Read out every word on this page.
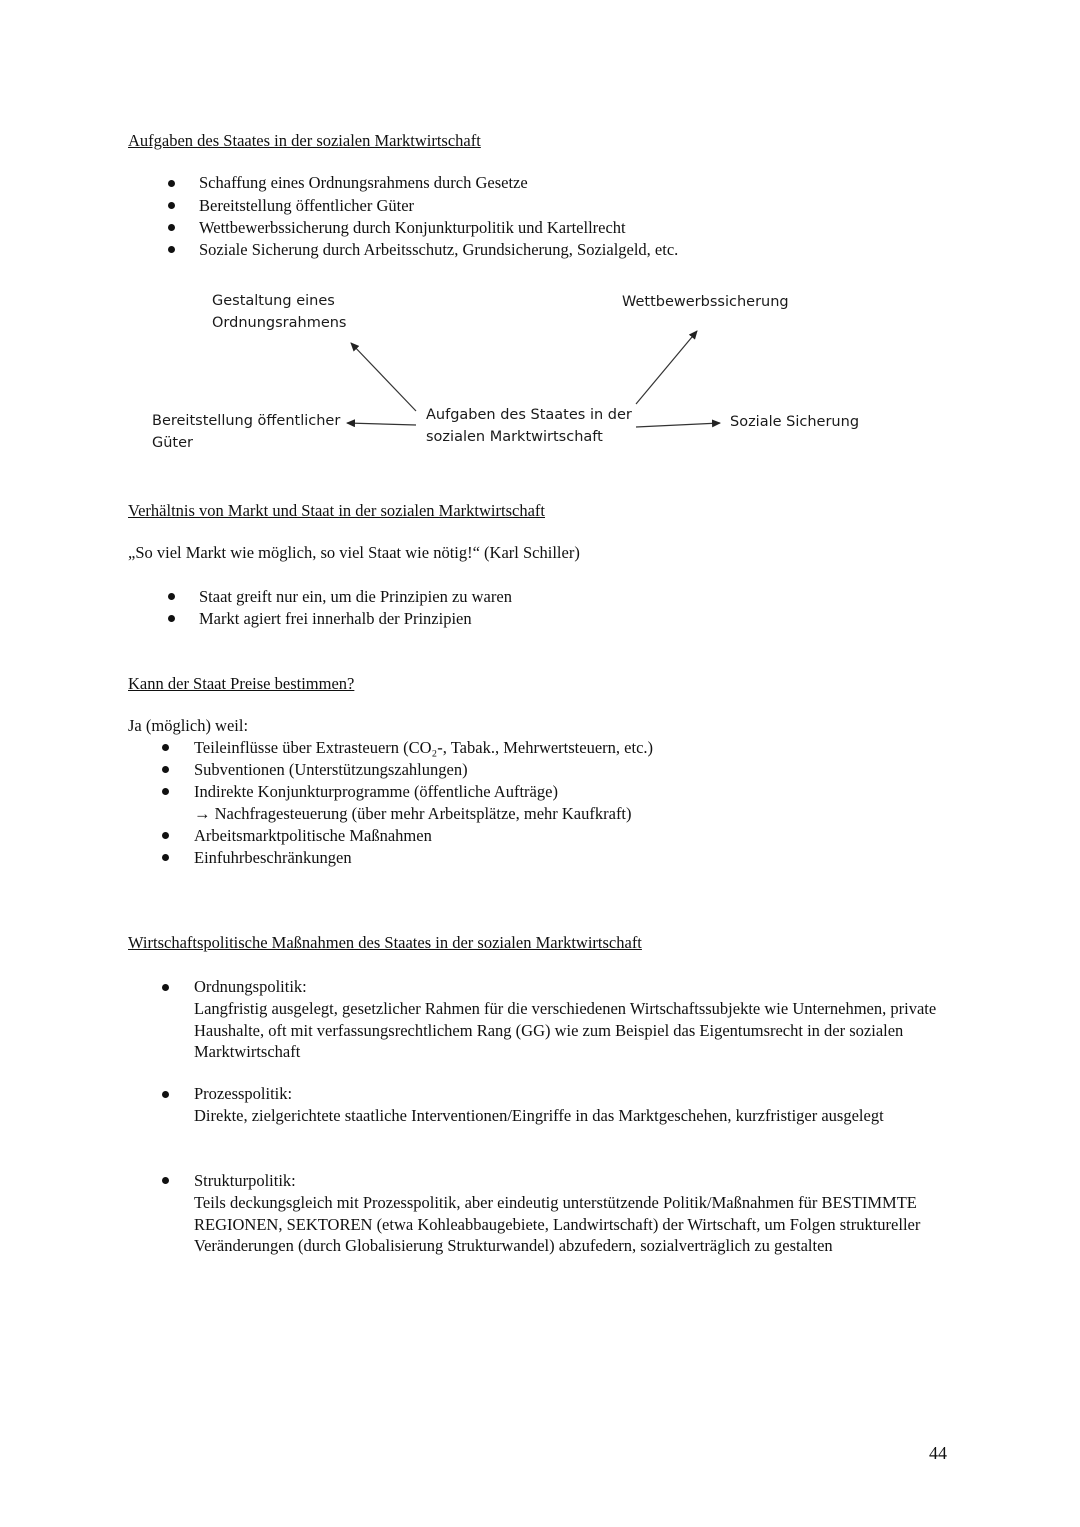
Aufgaben des Staates in der sozialen Marktwirtschaft
Schaffung eines Ordnungsrahmens durch Gesetze
Bereitstellung öffentlicher Güter
Wettbewerbssicherung durch Konjunkturpolitik und Kartellrecht
Soziale Sicherung durch Arbeitsschutz, Grundsicherung, Sozialgeld, etc.
Gestaltung eines
Ordnungsrahmens
Wettbewerbssicherung
Bereitstellung öffentlicher
Güter
Aufgaben des Staates in der
sozialen Marktwirtschaft
Soziale Sicherung
Verhältnis von Markt und Staat in der sozialen Marktwirtschaft
„So viel Markt wie möglich, so viel Staat wie nötig!“ (Karl Schiller)
Staat greift nur ein, um die Prinzipien zu waren
Markt agiert frei innerhalb der Prinzipien
Kann der Staat Preise bestimmen?
Ja (möglich) weil:
Teileinflüsse über Extrasteuern (CO₂-, Tabak., Mehrwertsteuern, etc.)
Subventionen (Unterstützungszahlungen)
Indirekte Konjunkturprogramme (öffentliche Aufträge)
→ Nachfragesteuerung (über mehr Arbeitsplätze, mehr Kaufkraft)
Arbeitsmarktpolitische Maßnahmen
Einfuhrbeschränkungen
Wirtschaftspolitische Maßnahmen des Staates in der sozialen Marktwirtschaft
Ordnungspolitik:
Langfristig ausgelegt, gesetzlicher Rahmen für die verschiedenen Wirtschaftssubjekte wie Unternehmen, private Haushalte, oft mit verfassungsrechtlichem Rang (GG) wie zum Beispiel das Eigentumsrecht in der sozialen Marktwirtschaft
Prozesspolitik:
Direkte, zielgerichtete staatliche Interventionen/Eingriffe in das Marktgeschehen, kurzfristiger ausgelegt
Strukturpolitik:
Teils deckungsgleich mit Prozesspolitik, aber eindeutig unterstützende Politik/Maßnahmen für BESTIMMTE REGIONEN, SEKTOREN (etwa Kohleabbaugebiete, Landwirtschaft) der Wirtschaft, um Folgen struktureller Veränderungen (durch Globalisierung Strukturwandel) abzufedern, sozialverträglich zu gestalten
44
